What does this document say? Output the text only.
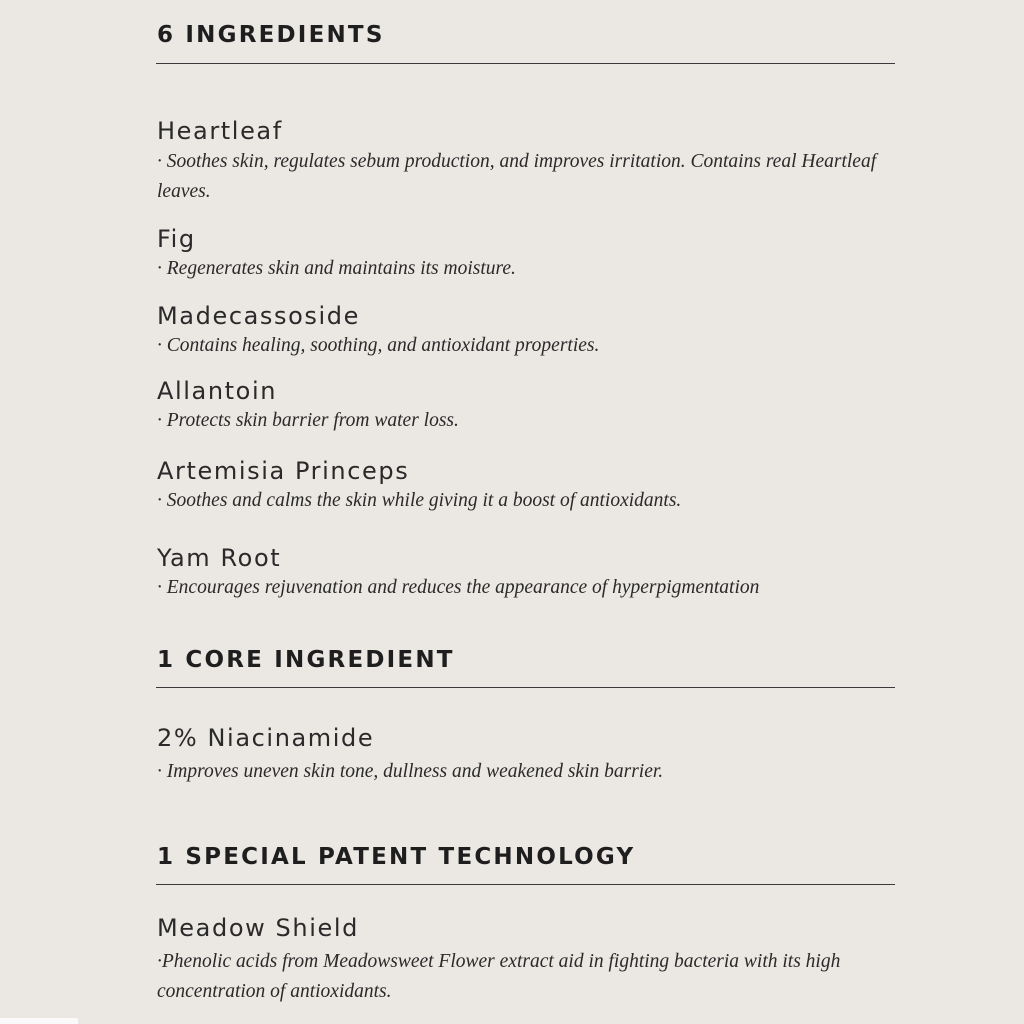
6 INGREDIENTS
Heartleaf

· Soothes skin, regulates sebum production, and improves irritation. Contains real Heartleaf leaves.

Fig

· Regenerates skin and maintains its moisture.

Madecassoside

· Contains healing, soothing, and antioxidant properties.

Allantoin

· Protects skin barrier from water loss.

Artemisia Princeps

· Soothes and calms the skin while giving it a boost of antioxidants.

Yam Root

· Encourages rejuvenation and reduces the appearance of hyperpigmentation

1 CORE INGREDIENT
2% Niacinamide

· Improves uneven skin tone, dullness and weakened skin barrier.

1 SPECIAL PATENT TECHNOLOGY
Meadow Shield

·Phenolic acids from Meadowsweet Flower extract aid in fighting bacteria with its high concentration of antioxidants.
